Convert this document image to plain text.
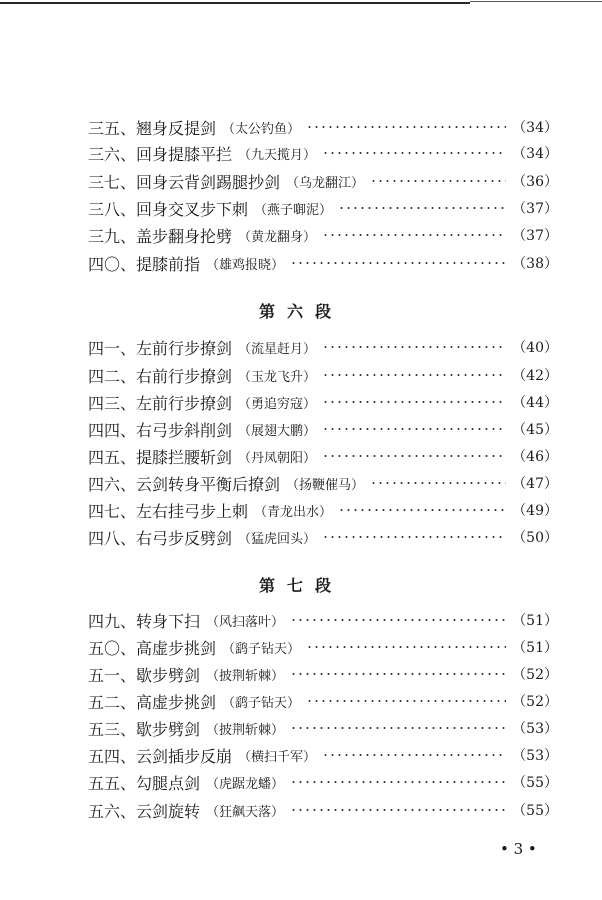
三五、 翘身反提剑 （太公钓鱼）	（34）
三六、 回身提膝平拦 （九天揽月）	（34）
三七、 回身云背剑踢腿抄剑 （乌龙翻江）	（36）
三八、 回身交叉步下刺 （燕子啣泥）	（37）
三九、 盖步翻身抡劈 （黄龙翻身）	（37）
四〇、 提膝前指 （雄鸡报晓）	（38）
第六段
四一、 左前行步撩剑 （流星赶月）	（40）
四二、 右前行步撩剑 （玉龙飞升）	（42）
四三、 左前行步撩剑 （勇追穷寇）	（44）
四四、 右弓步斜削剑 （展翅大鹏）	（45）
四五、 提膝拦腰斩剑 （丹凤朝阳）	（46）
四六、 云剑转身平衡后撩剑 （扬鞭催马）	（47）
四七、 左右挂弓步上刺 （青龙出水）	（49）
四八、 右弓步反劈剑 （猛虎回头）	（50）
第七段
四九、 转身下扫 （风扫落叶）	（51）
五〇、 高虚步挑剑 （鹞子钻天）	（51）
五一、 歇步劈剑 （披荆斩棘）	（52）
五二、 高虚步挑剑 （鹞子钻天）	（52）
五三、 歇步劈剑 （披荆斩棘）	（53）
五四、 云剑插步反崩 （横扫千军）	（53）
五五、 勾腿点剑 （虎踞龙蟠）	（55）
五六、 云剑旋转 （狂飙天落）	（55）
• 3 •
